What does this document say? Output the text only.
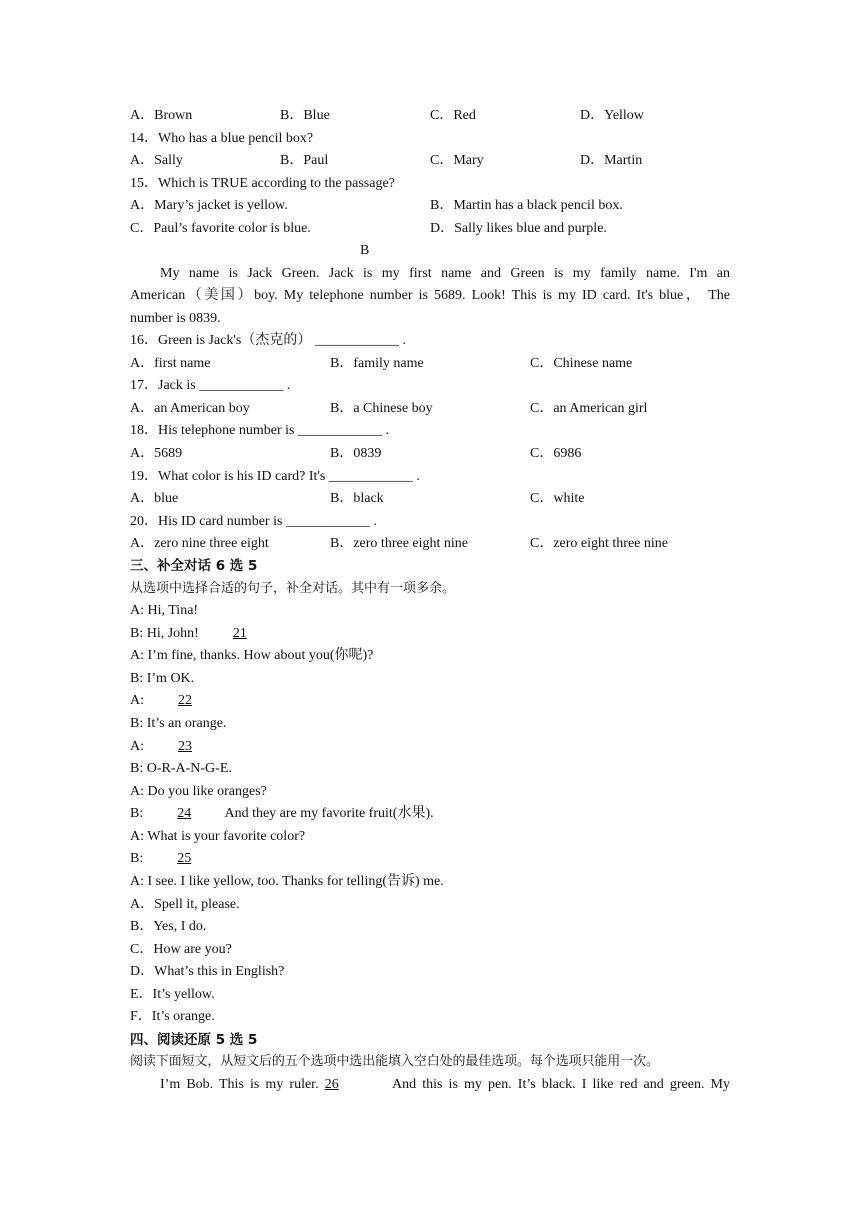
A．Brown	B．Blue	C．Red	D．Yellow
14．Who has a blue pencil box?
A．Sally	B．Paul	C．Mary	D．Martin
15．Which is TRUE according to the passage?
A．Mary’s jacket is yellow.	B．Martin has a black pencil box.
C．Paul’s favorite color is blue.	D．Sally likes blue and purple.
B
My name is Jack Green. Jack is my first name and Green is my family name. I'm an
American（美国）boy. My telephone number is 5689. Look! This is my ID card. It's blue， The
number is 0839.
16．Green is Jack's（杰克的） ____________ .
A．first name	B．family name	C．Chinese name
17．Jack is ____________ .
A．an American boy	B．a Chinese boy	C．an American girl
18．His telephone number is ____________ .
A．5689	B．0839	C．6986
19．What color is his ID card? It's ____________ .
A．blue	B．black	C．white
20．His ID card number is ____________ .
A．zero nine three eight	B．zero three eight nine	C．zero eight three nine
三、补全对话 6 选 5
从选项中选择合适的句子，补全对话。其中有一项多余。
A: Hi, Tina!
B: Hi, John! 21
A: I’m fine, thanks. How about you(你呢)?
B: I’m OK.
A: 22
B: It’s an orange.
A: 23
B: O-R-A-N-G-E.
A: Do you like oranges?
B: 24 And they are my favorite fruit(水果).
A: What is your favorite color?
B: 25
A: I see. I like yellow, too. Thanks for telling(告诉) me.
A．Spell it, please.
B．Yes, I do.
C．How are you?
D．What’s this in English?
E．It’s yellow.
F．It’s orange.
四、阅读还原 5 选 5
阅读下面短文，从短文后的五个选项中选出能填入空白处的最佳选项。每个选项只能用一次。
I’m Bob. This is my ruler. 26	And this is my pen. It’s black. I like red and green. My
